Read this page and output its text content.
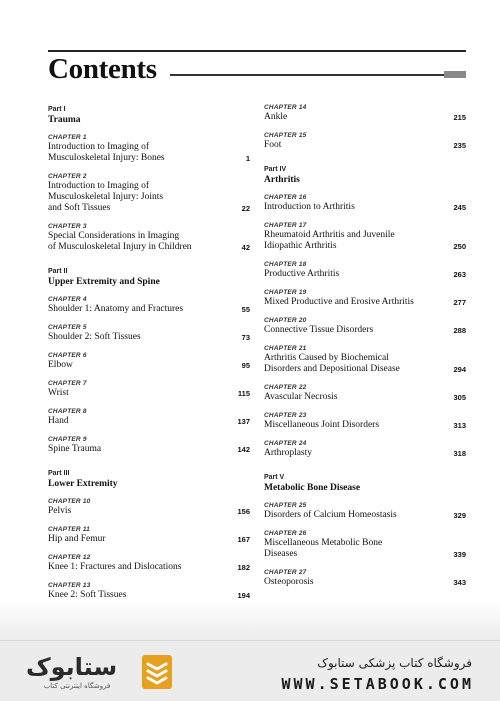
Contents
Part I
Trauma
CHAPTER 1
Introduction to Imaging of
Musculoskeletal Injury: Bones	1
CHAPTER 2
Introduction to Imaging of
Musculoskeletal Injury: Joints
and Soft Tissues	22
CHAPTER 3
Special Considerations in Imaging
of Musculoskeletal Injury in Children	42
Part II
Upper Extremity and Spine
CHAPTER 4
Shoulder 1: Anatomy and Fractures	55
CHAPTER 5
Shoulder 2: Soft Tissues	73
CHAPTER 6
Elbow	95
CHAPTER 7
Wrist	115
CHAPTER 8
Hand	137
CHAPTER 9
Spine Trauma	142
Part III
Lower Extremity
CHAPTER 10
Pelvis	156
CHAPTER 11
Hip and Femur	167
CHAPTER 12
Knee 1: Fractures and Dislocations	182
CHAPTER 13
Knee 2: Soft Tissues	194
CHAPTER 14
Ankle	215
CHAPTER 15
Foot	235
Part IV
Arthritis
CHAPTER 16
Introduction to Arthritis	245
CHAPTER 17
Rheumatoid Arthritis and Juvenile
Idiopathic Arthritis	250
CHAPTER 18
Productive Arthritis	263
CHAPTER 19
Mixed Productive and Erosive Arthritis	277
CHAPTER 20
Connective Tissue Disorders	288
CHAPTER 21
Arthritis Caused by Biochemical
Disorders and Depositional Disease	294
CHAPTER 22
Avascular Necrosis	305
CHAPTER 23
Miscellaneous Joint Disorders	313
CHAPTER 24
Arthroplasty	318
Part V
Metabolic Bone Disease
CHAPTER 25
Disorders of Calcium Homeostasis	329
CHAPTER 26
Miscellaneous Metabolic Bone
Diseases	339
CHAPTER 27
Osteoporosis	343
ستابوک
فروشگاه اینترنتی کتاب
فروشگاه کتاب پزشکی ستابوک
WWW.SETABOOK.COM
